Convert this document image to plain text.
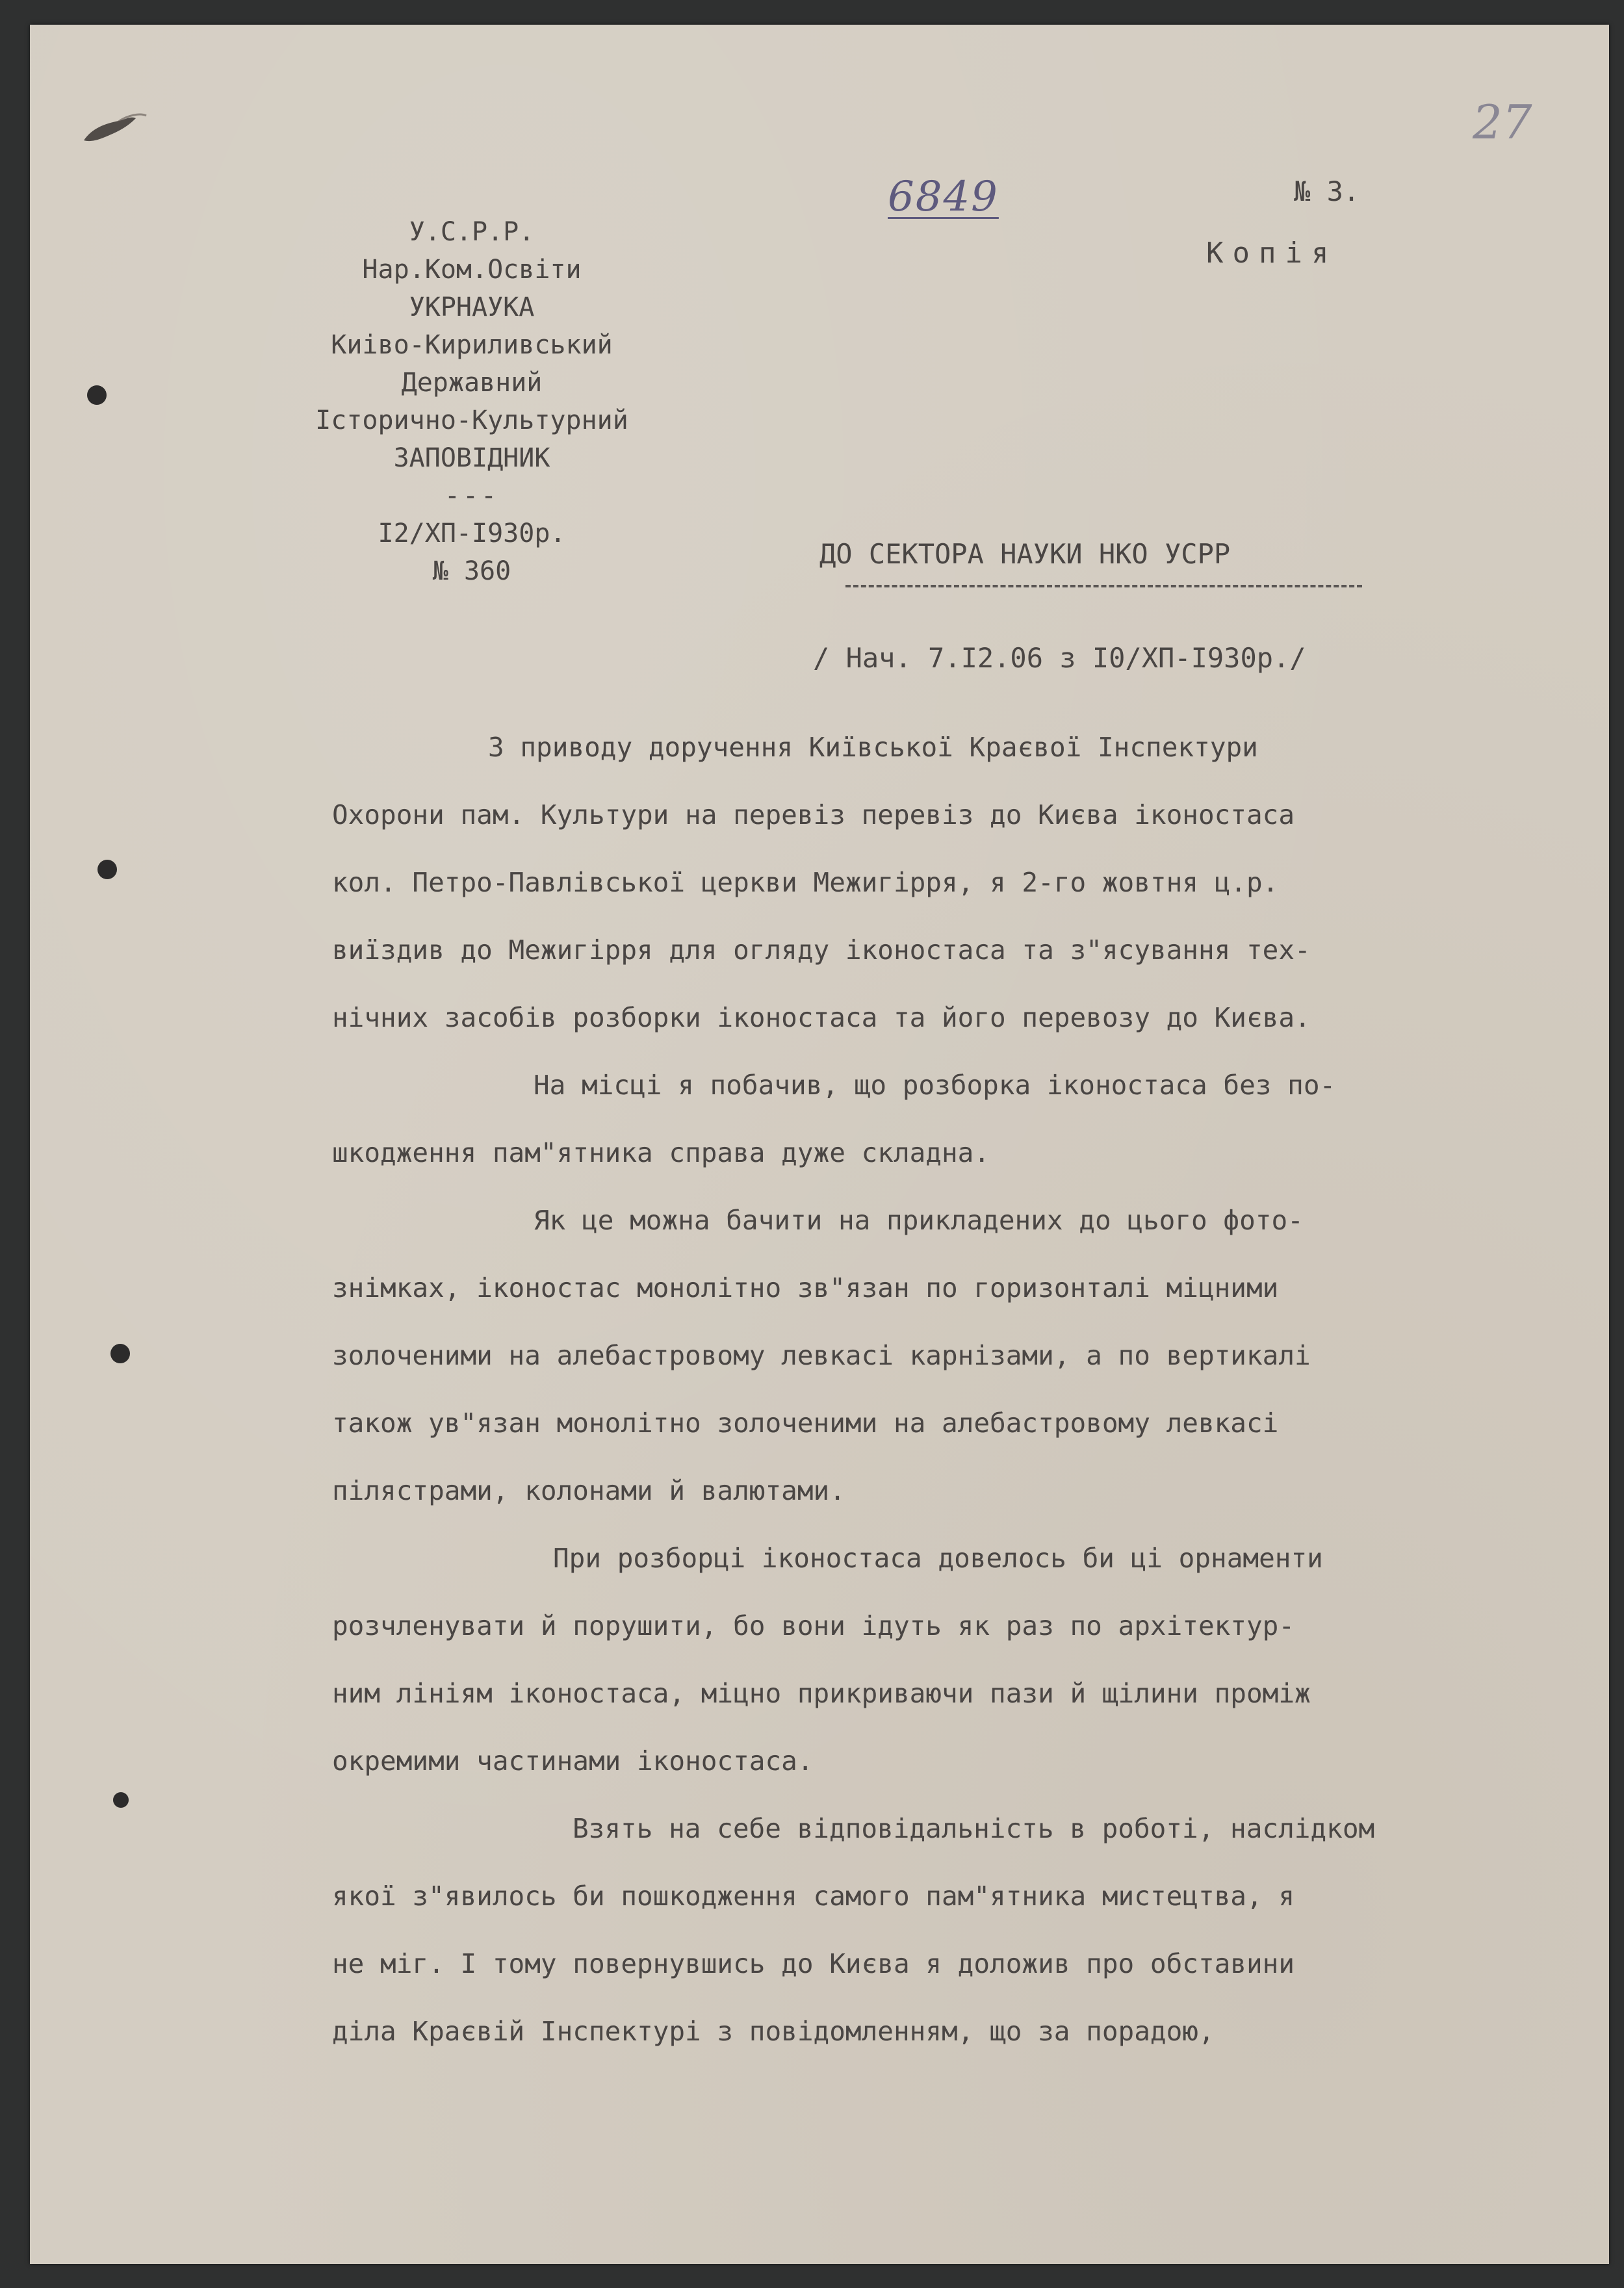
27
6849	№ 3.
Копія
У.С.Р.Р.
Нар.Ком.Освіти
УКРНАУКА
Киіво-Кириливський
Державний
Історично-Культурний
ЗАПОВІДНИК
---
І2/ХП-І930р.
№ 360
ДО СЕКТОРА НАУКИ НКО УСРР
/ Нач. 7.І2.06 з І0/ХП-І930р./
З приводу доручення Київської Краєвої Інспектури
Охорони пам. Культури на перевіз перевіз до Києва іконостаса
кол. Петро-Павлівської церкви Межигірря, я 2-го жовтня ц.р.
виїздив до Межигірря для огляду іконостаса та з"ясування тех-
нічних засобів розборки іконостаса та його перевозу до Києва.
На місці я побачив, що розборка іконостаса без по-
шкодження пам"ятника справа дуже складна.
Як це можна бачити на прикладених до цього фото-
знімках, іконостас монолітно зв"язан по горизонталі міцними
золоченими на алебастровому левкасі карнізами, а по вертикалі
також ув"язан монолітно золоченими на алебастровому левкасі
пілястрами, колонами й валютами.
При розборці іконостаса довелось би ці орнаменти
розчленувати й порушити, бо вони ідуть як раз по архітектур-
ним лініям іконостаса, міцно прикриваючи пази й щілини проміж
окремими частинами іконостаса.
Взять на себе відповідальність в роботі, наслідком
якої з"явилось би пошкодження самого пам"ятника мистецтва, я
не міг. І тому повернувшись до Києва я доложив про обставини
діла Краєвій Інспектурі з повідомленням, що за порадою,
